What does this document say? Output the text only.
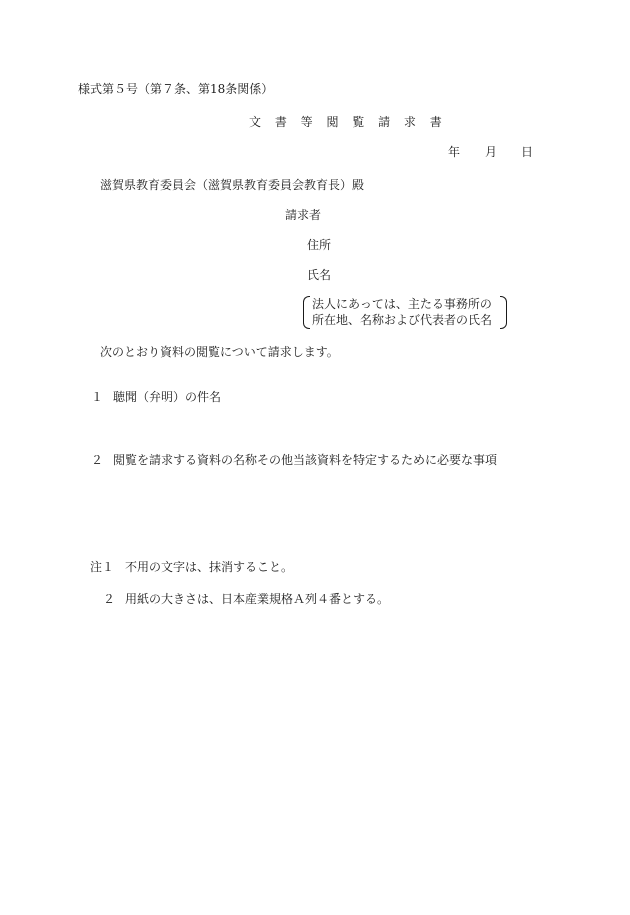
様式第５号（第７条、第18条関係）
文 書 等 閲 覧 請 求 書
年 月 日
滋賀県教育委員会（滋賀県教育委員会教育長）殿
請求者
住所
氏名
法人にあっては、主たる事務所の
所在地、名称および代表者の氏名
次のとおり資料の閲覧について請求します。
１ 聴聞（弁明）の件名
２ 閲覧を請求する資料の名称その他当該資料を特定するために必要な事項
注１ 不用の文字は、抹消すること。
２ 用紙の大きさは、日本産業規格Ａ列４番とする。
